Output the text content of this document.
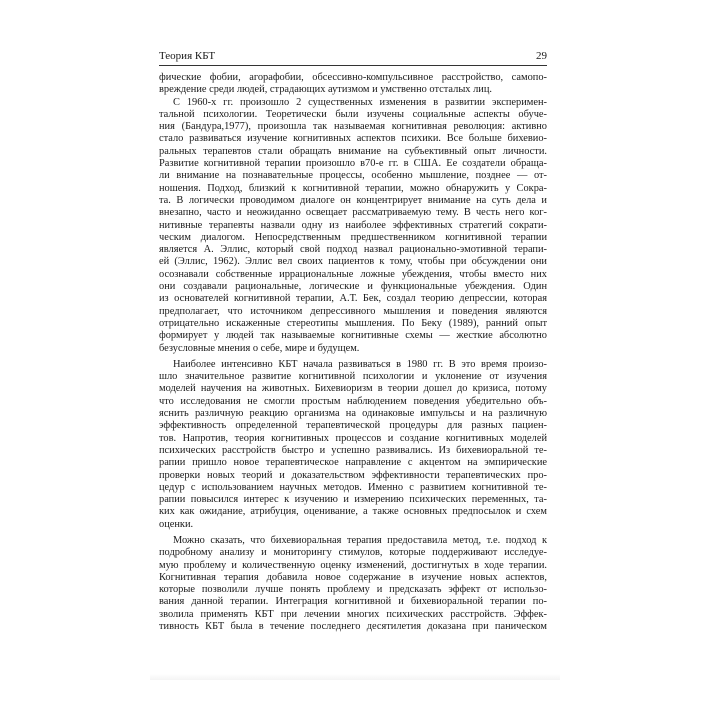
Теория КБТ	29
фические фобии, агорафобии, обсессивно-компульсивное расстройство, самопо-
вреждение среди людей, страдающих аутизмом и умственно отсталых лиц.
С 1960-х гг. произошло 2 существенных изменения в развитии эксперимен-
тальной психологии. Теоретически были изучены социальные аспекты обуче-
ния (Бандура,1977), произошла так называемая когнитивная революция: активно
стало развиваться изучение когнитивных аспектов психики. Все больше бихевио-
ральных терапевтов стали обращать внимание на субъективный опыт личности.
Развитие когнитивной терапии произошло в70-е гг. в США. Ее создатели обраща-
ли внимание на познавательные процессы, особенно мышление, позднее — от-
ношения. Подход, близкий к когнитивной терапии, можно обнаружить у Сокра-
та. В логически проводимом диалоге он концентрирует внимание на суть дела и
внезапно, часто и неожиданно освещает рассматриваемую тему. В честь него ког-
нитивные терапевты назвали одну из наиболее эффективных стратегий сократи-
ческим диалогом. Непосредственным предшественником когнитивной терапии
является А. Эллис, который свой подход назвал рационально-эмотивной терапи-
ей (Эллис, 1962). Эллис вел своих пациентов к тому, чтобы при обсуждении они
осознавали собственные иррациональные ложные убеждения, чтобы вместо них
они создавали рациональные, логические и функциональные убеждения. Один
из основателей когнитивной терапии, А.Т. Бек, создал теорию депрессии, которая
предполагает, что источником депрессивного мышления и поведения являются
отрицательно искаженные стереотипы мышления. По Беку (1989), ранний опыт
формирует у людей так называемые когнитивные схемы — жесткие абсолютно
безусловные мнения о себе, мире и будущем.
Наиболее интенсивно КБТ начала развиваться в 1980 гг. В это время произо-
шло значительное развитие когнитивной психологии и уклонение от изучения
моделей научения на животных. Бихевиоризм в теории дошел до кризиса, потому
что исследования не смогли простым наблюдением поведения убедительно объ-
яснить различную реакцию организма на одинаковые импульсы и на различную
эффективность определенной терапевтической процедуры для разных пациен-
тов. Напротив, теория когнитивных процессов и создание когнитивных моделей
психических расстройств быстро и успешно развивались. Из бихевиоральной те-
рапии пришло новое терапевтическое направление с акцентом на эмпирические
проверки новых теорий и доказательством эффективности терапевтических про-
цедур с использованием научных методов. Именно с развитием когнитивной те-
рапии повысился интерес к изучению и измерению психических переменных, та-
ких как ожидание, атрибуция, оценивание, а также основных предпосылок и схем
оценки.
Можно сказать, что бихевиоральная терапия предоставила метод, т.е. подход к
подробному анализу и мониторингу стимулов, которые поддерживают исследуе-
мую проблему и количественную оценку изменений, достигнутых в ходе терапии.
Когнитивная терапия добавила новое содержание в изучение новых аспектов,
которые позволили лучше понять проблему и предсказать эффект от использо-
вания данной терапии. Интеграция когнитивной и бихевиоральной терапии по-
зволила применять КБТ при лечении многих психических расстройств. Эффек-
тивность КБТ была в течение последнего десятилетия доказана при паническом
